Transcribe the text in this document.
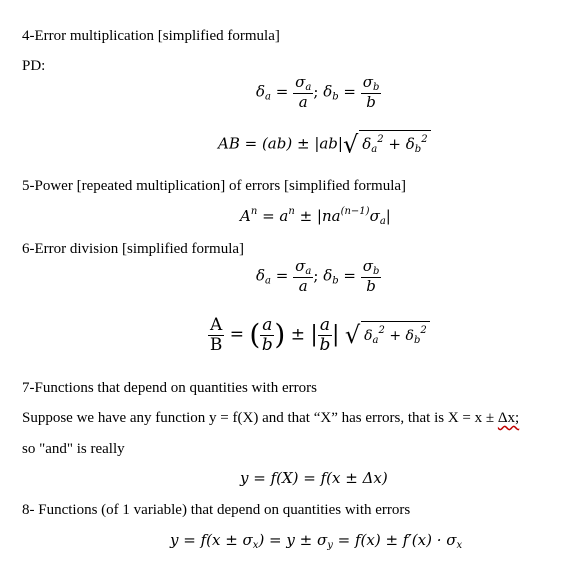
4-Error multiplication [simplified formula]
PD:
$\delta_a = \frac{\sigma_a}{a}$ ; $\delta_b = \frac{\sigma_b}{b}$
AB = (ab) ± |ab|√ $\delta_a^2 + \delta_b^2$
5-Power [repeated multiplication] of errors [simplified formula]
$A^n = a^n \pm |na^{(n-1)}\sigma_a|$
6-Error division [simplified formula]
$\delta_a = \frac{\sigma_a}{a}$ ; $\delta_b = \frac{\sigma_b}{b}$
$\frac{A}{B}$ = ( $\frac{a}{b}$ ) ± | $\frac{a}{b}$ | √ $\delta_a^2 + \delta_b^2$
7-Functions that depend on quantities with errors
Suppose we have any function y = f(X) and that “X” has errors, that is X = x ± Δx;
so "and" is really
y = f(X) = f(x ± Δx)
8- Functions (of 1 variable) that depend on quantities with errors
$y = f(x \pm \sigma_x) = y \pm \sigma_y = f(x) \pm f'(x) \cdot \sigma_x$
